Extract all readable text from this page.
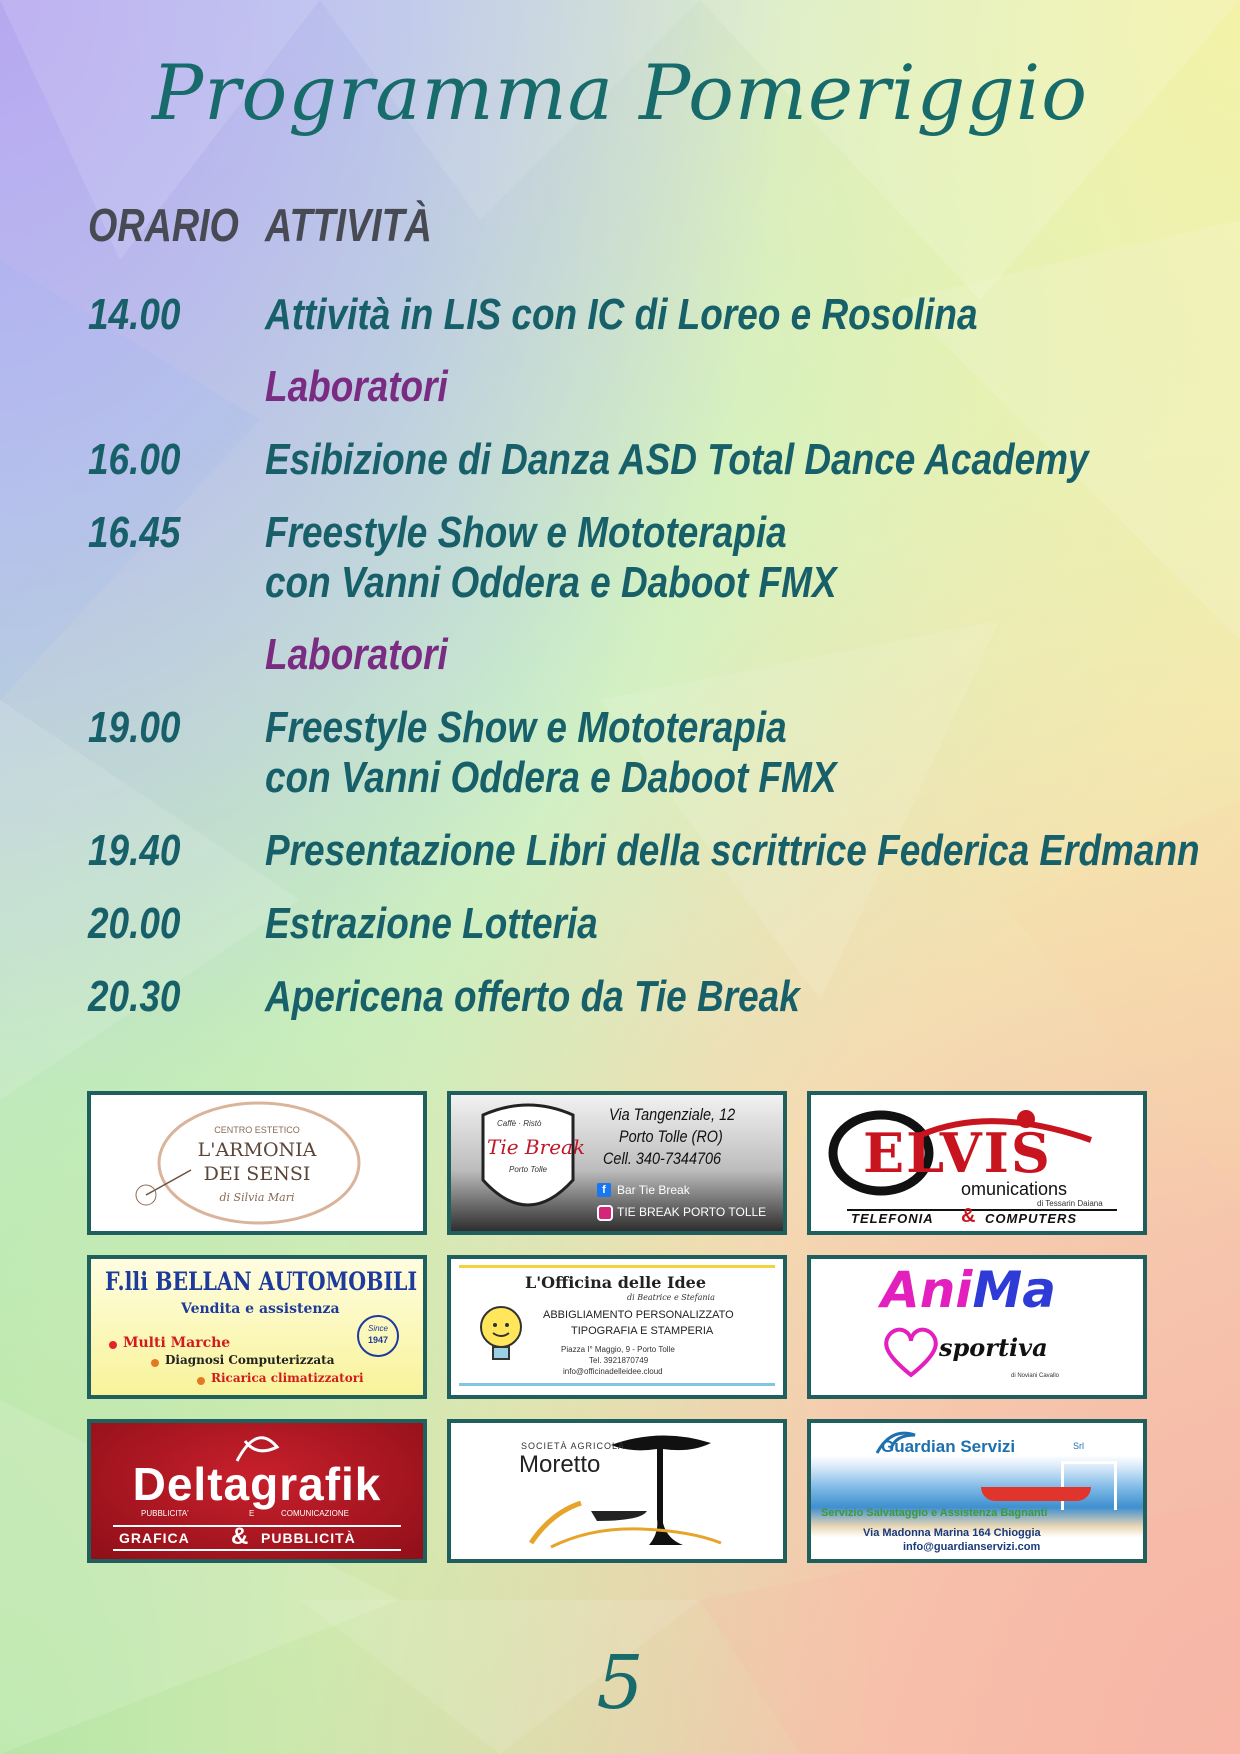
Programma Pomeriggio
ORARIO ATTIVITÀ
14.00 Attività in LIS con IC di Loreo e Rosolina
Laboratori
16.00 Esibizione di Danza ASD Total Dance Academy
16.45 Freestyle Show e Mototerapia
con Vanni Oddera e Daboot FMX
Laboratori
19.00 Freestyle Show e Mototerapia
con Vanni Oddera e Daboot FMX
19.40 Presentazione Libri della scrittrice Federica Erdmann
20.00 Estrazione Lotteria
20.30 Apericena offerto da Tie Break
CENTRO ESTETICO
L'ARMONIA
DEI SENSI
di Silvia Mari
Caffè · Ristò
Tie Break
Porto Tolle
Via Tangenziale, 12
Porto Tolle (RO)
Cell. 340-7344706
f Bar Tie Break
TIE BREAK PORTO TOLLE
ELVIS
omunications
di Tessarin Daiana
TELEFONIA & COMPUTERS
F.lli BELLAN AUTOMOBILI
Vendita e assistenza
Since
1947
Multi Marche
Diagnosi Computerizzata
Ricarica climatizzatori
L'Officina delle Idee
di Beatrice e Stefania
ABBIGLIAMENTO PERSONALIZZATO
TIPOGRAFIA E STAMPERIA
Piazza I° Maggio, 9 - Porto Tolle
Tel. 3921870749
info@officinadelleidee.cloud
AniMa
sportiva
di Noviani Cavallo
Deltagrafik
PUBBLICITA'	E	COMUNICAZIONE
GRAFICA & PUBBLICITÀ
SOCIETÀ AGRICOLA
Moretto
Guardian Servizi	Srl
Servizio Salvataggio e Assistenza Bagnanti
Via Madonna Marina 164 Chioggia
info@guardianservizi.com
5
